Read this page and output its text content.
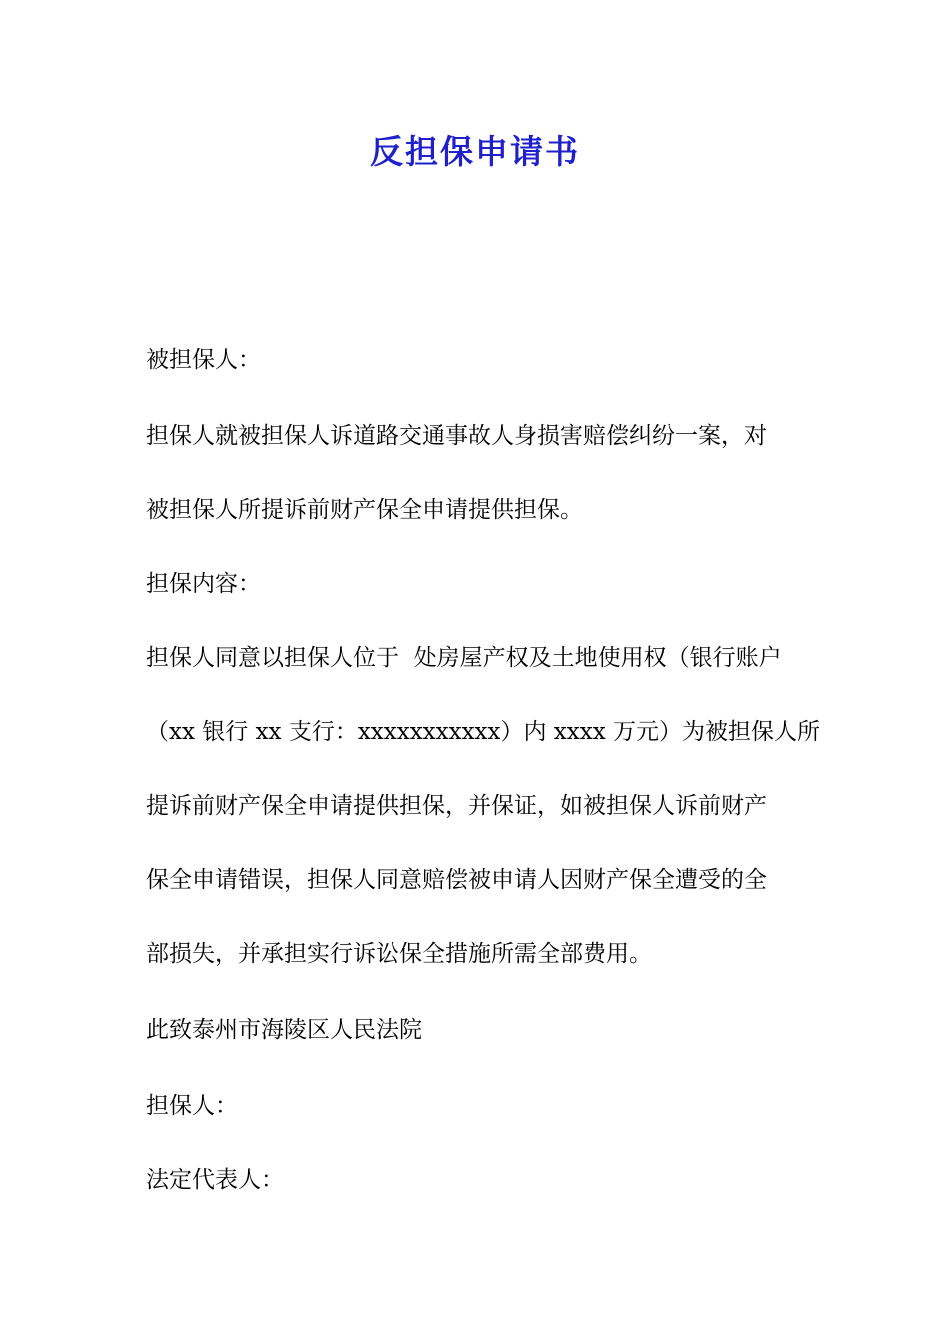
反担保申请书
被担保人：
担保人就被担保人诉道路交通事故人身损害赔偿纠纷一案，对
被担保人所提诉前财产保全申请提供担保。
担保内容：
担保人同意以担保人位于  处房屋产权及土地使用权（银行账户
（xx 银行 xx 支行：xxxxxxxxxxx）内 xxxx 万元）为被担保人所
提诉前财产保全申请提供担保，并保证，如被担保人诉前财产
保全申请错误，担保人同意赔偿被申请人因财产保全遭受的全
部损失，并承担实行诉讼保全措施所需全部费用。
此致泰州市海陵区人民法院
担保人：
法定代表人：
